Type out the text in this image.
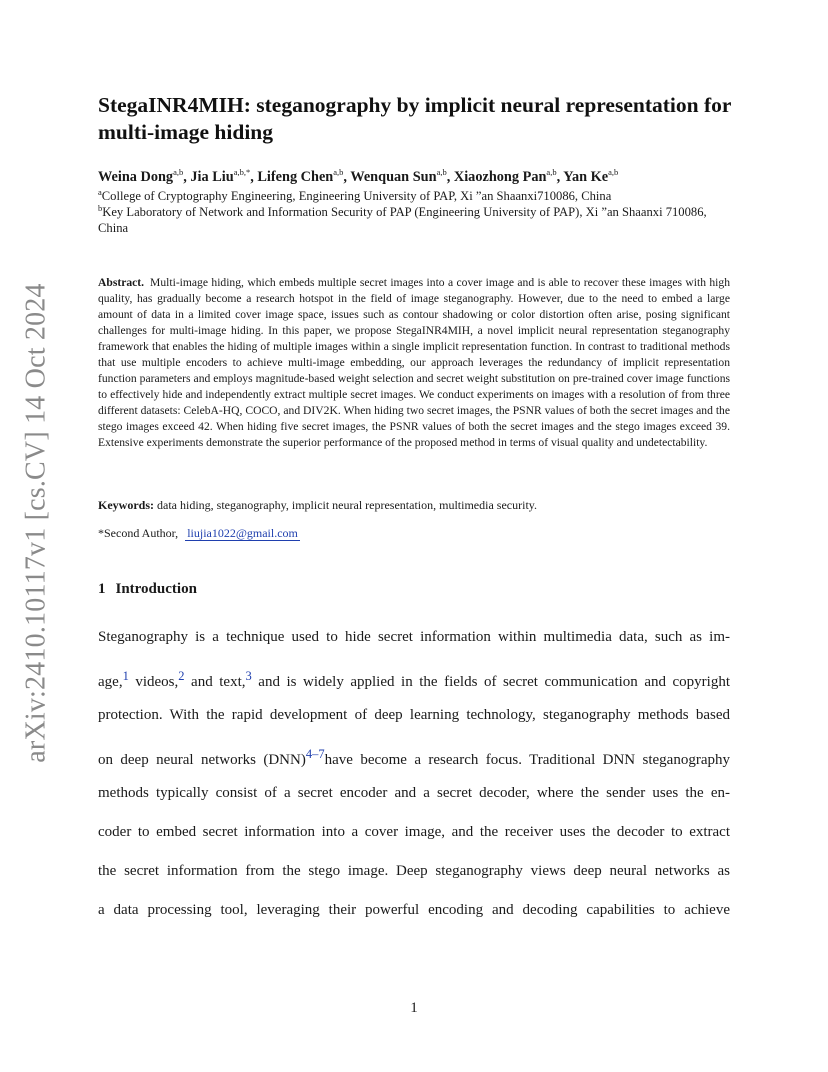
arXiv:2410.10117v1 [cs.CV] 14 Oct 2024
StegaINR4MIH: steganography by implicit neural representation for multi-image hiding
Weina Dong$^{a,b}$, Jia Liu$^{a,b,*}$, Lifeng Chen$^{a,b}$, Wenquan Sun$^{a,b}$, Xiaozhong Pan$^{a,b}$, Yan Ke$^{a,b}$
$^a$College of Cryptography Engineering, Engineering University of PAP, Xi ”an Shaanxi710086, China
$^b$Key Laboratory of Network and Information Security of PAP (Engineering University of PAP), Xi ”an Shaanxi 710086, China

Abstract. Multi-image hiding, which embeds multiple secret images into a cover image and is able to recover these images with high quality, has gradually become a research hotspot in the field of image steganography. However, due to the need to embed a large amount of data in a limited cover image space, issues such as contour shadowing or color distortion often arise, posing significant challenges for multi-image hiding. In this paper, we propose StegaINR4MIH, a novel implicit neural representation steganography framework that enables the hiding of multiple images within a single implicit representation function. In contrast to traditional methods that use multiple encoders to achieve multi-image embedding, our approach leverages the redundancy of implicit representation function parameters and employs magnitude-based weight selection and secret weight substitution on pre-trained cover image functions to effectively hide and independently extract multiple secret images. We conduct experiments on images with a resolution of from three different datasets: CelebA-HQ, COCO, and DIV2K. When hiding two secret images, the PSNR values of both the secret images and the stego images exceed 42. When hiding five secret images, the PSNR values of both the secret images and the stego images exceed 39. Extensive experiments demonstrate the superior performance of the proposed method in terms of visual quality and undetectability.

Keywords: data hiding, steganography, implicit neural representation, multimedia security.
*Second Author, liujia1022@gmail.com
1 Introduction
Steganography is a technique used to hide secret information within multimedia data, such as im-
age,$^1$ videos,$^2$ and text,$^3$ and is widely applied in the fields of secret communication and copyright
protection. With the rapid development of deep learning technology, steganography methods based
on deep neural networks (DNN)$^{4-7}$have become a research focus. Traditional DNN steganography
methods typically consist of a secret encoder and a secret decoder, where the sender uses the en-
coder to embed secret information into a cover image, and the receiver uses the decoder to extract
the secret information from the stego image. Deep steganography views deep neural networks as
a data processing tool, leveraging their powerful encoding and decoding capabilities to achieve
1
